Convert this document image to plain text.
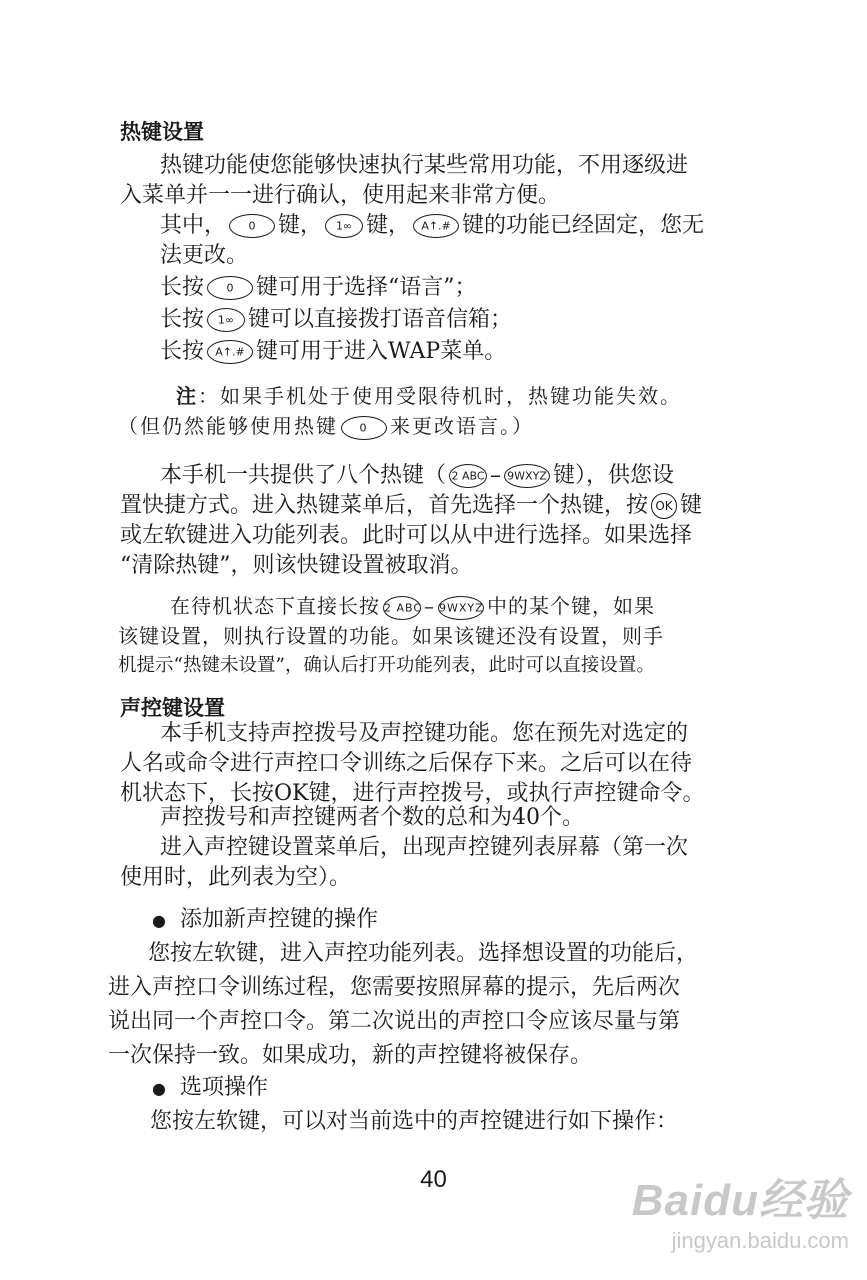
热键设置
热键功能使您能够快速执行某些常用功能，不用逐级进
入菜单并一一进行确认，使用起来非常方便。
其中，	0	键，	1∞ 键，	A↑.# 键的功能已经固定，您无
法更改。
长按	0	键可用于选择“语言”；
长按	1∞ 键可以直接拨打语音信箱；
长按	A↑.# 键可用于进入WAP菜单。
注：如果手机处于使用受限待机时，热键功能失效。
（但仍然能够使用热键	0	来更改语言。）
本手机一共提供了八个热键（ 2 ABC – 9WXYZ 键），供您设
置快捷方式。进入热键菜单后，首先选择一个热键，按 OK 键
或左软键进入功能列表。此时可以从中进行选择。如果选择
“清除热键”，则该快键设置被取消。
在待机状态下直接长按 2 ABC – 9WXYZ 中的某个键，如果
该键设置，则执行设置的功能。如果该键还没有设置，则手
机提示“热键未设置”，确认后打开功能列表，此时可以直接设置。
声控键设置
本手机支持声控拨号及声控键功能。您在预先对选定的
人名或命令进行声控口令训练之后保存下来。之后可以在待
机状态下，长按OK键，进行声控拨号，或执行声控键命令。
声控拨号和声控键两者个数的总和为40个。
进入声控键设置菜单后，出现声控键列表屏幕（第一次
使用时，此列表为空）。
● 添加新声控键的操作
您按左软键，进入声控功能列表。选择想设置的功能后，
进入声控口令训练过程，您需要按照屏幕的提示，先后两次
说出同一个声控口令。第二次说出的声控口令应该尽量与第
一次保持一致。如果成功，新的声控键将被保存。
● 选项操作
您按左软键，可以对当前选中的声控键进行如下操作：
40	Baidu经验
jingyan.baidu.com
